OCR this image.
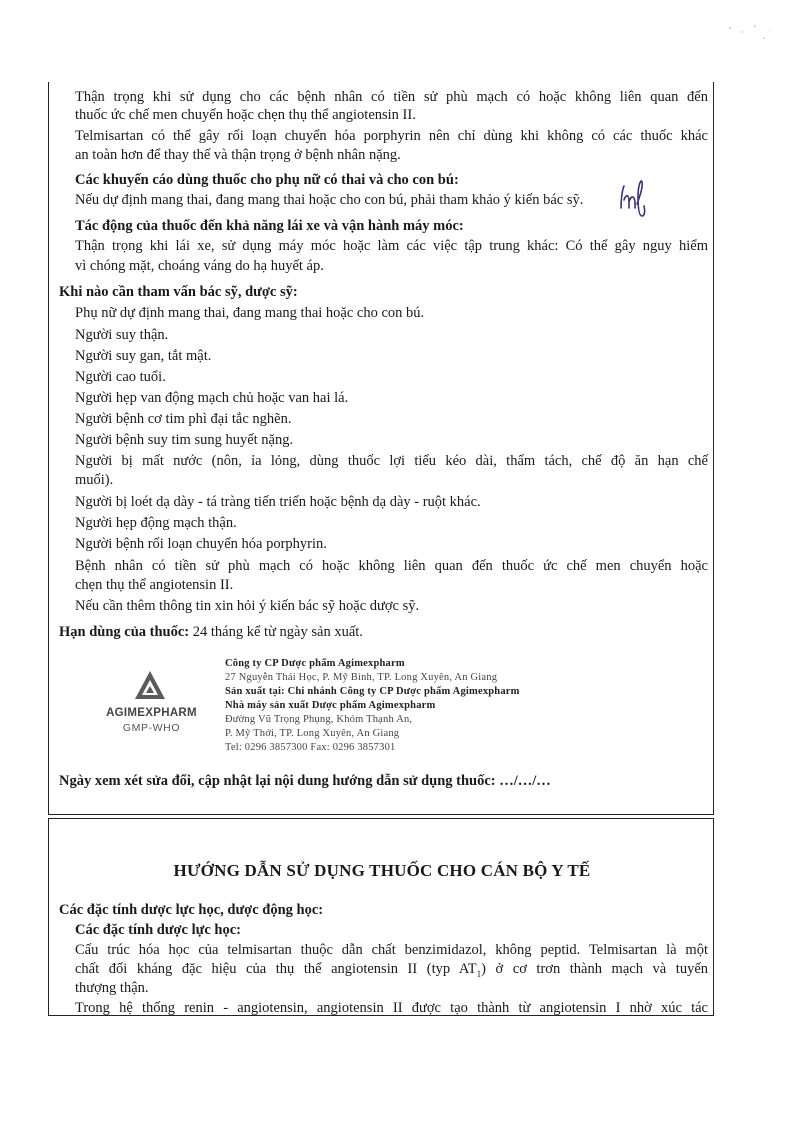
Thận trọng khi sử dụng cho các bệnh nhân có tiền sử phù mạch có hoặc không liên quan đến
thuốc ức chế men chuyển hoặc chẹn thụ thể angiotensin II.
Telmisartan có thể gây rối loạn chuyển hóa porphyrin nên chỉ dùng khi không có các thuốc khác
an toàn hơn để thay thế và thận trọng ở bệnh nhân nặng.
Các khuyến cáo dùng thuốc cho phụ nữ có thai và cho con bú:
Nếu dự định mang thai, đang mang thai hoặc cho con bú, phải tham khảo ý kiến bác sỹ.
Tác động của thuốc đến khả năng lái xe và vận hành máy móc:
Thận trọng khi lái xe, sử dụng máy móc hoặc làm các việc tập trung khác: Có thể gây nguy hiểm
vì chóng mặt, choáng váng do hạ huyết áp.
Khi nào cần tham vấn bác sỹ, dược sỹ:
Phụ nữ dự định mang thai, đang mang thai hoặc cho con bú.
Người suy thận.
Người suy gan, tắt mật.
Người cao tuổi.
Người hẹp van động mạch chủ hoặc van hai lá.
Người bệnh cơ tim phì đại tắc nghẽn.
Người bệnh suy tim sung huyết nặng.
Người bị mất nước (nôn, ỉa lỏng, dùng thuốc lợi tiểu kéo dài, thẩm tách, chế độ ăn hạn chế
muối).
Người bị loét dạ dày - tá tràng tiến triển hoặc bệnh dạ dày - ruột khác.
Người hẹp động mạch thận.
Người bệnh rối loạn chuyển hóa porphyrin.
Bệnh nhân có tiền sử phù mạch có hoặc không liên quan đến thuốc ức chế men chuyển hoặc
chẹn thụ thể angiotensin II.
Nếu cần thêm thông tin xin hỏi ý kiến bác sỹ hoặc dược sỹ.
Hạn dùng của thuốc: 24 tháng kể từ ngày sản xuất.
AGIMEXPHARM
GMP-WHO
Công ty CP Dược phẩm Agimexpharm
27 Nguyễn Thái Học, P. Mỹ Bình, TP. Long Xuyên, An Giang
Sản xuất tại: Chi nhánh Công ty CP Dược phẩm Agimexpharm
Nhà máy sản xuất Dược phẩm Agimexpharm
Đường Vũ Trọng Phụng, Khóm Thạnh An,
P. Mỹ Thới, TP. Long Xuyên, An Giang
Tel: 0296 3857300 Fax: 0296 3857301
Ngày xem xét sửa đổi, cập nhật lại nội dung hướng dẫn sử dụng thuốc: …/…/…
HƯỚNG DẪN SỬ DỤNG THUỐC CHO CÁN BỘ Y TẾ
Các đặc tính dược lực học, dược động học:
Các đặc tính dược lực học:
Cấu trúc hóa học của telmisartan thuộc dẫn chất benzimidazol, không peptid. Telmisartan là một
chất đối kháng đặc hiệu của thụ thể angiotensin II (typ $AT_1$) ở cơ trơn thành mạch và tuyến
thượng thận.
Trong hệ thống renin - angiotensin, angiotensin II được tạo thành từ angiotensin I nhờ xúc tác
